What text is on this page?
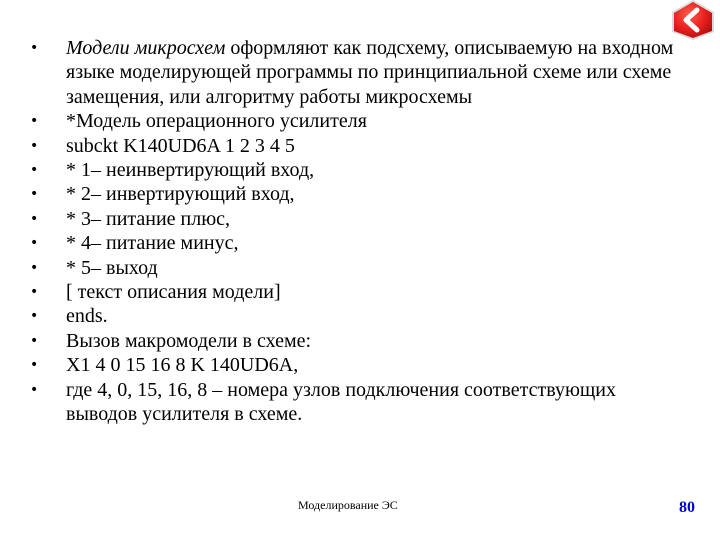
•
Модели микросхем оформляют как подсхему, описываемую на входном языке моделирующей программы по принципиальной схеме или схеме замещения, или алгоритму работы микросхемы
•
*Модель операционного усилителя
•
subckt K140UD6A 1 2 3 4 5
•
* 1– неинвертирующий вход,
•
* 2– инвертирующий вход,
•
* 3– питание плюс,
•
* 4– питание минус,
•
* 5– выход
•
[ текст описания модели]
•
ends.
•
Вызов макромодели в схеме:
•
X1 4 0 15 16 8 K 140UD6A,
•
где 4, 0, 15, 16, 8 – номера узлов подключения соответствующих выводов усилителя в схеме.
Моделирование ЭС	80
